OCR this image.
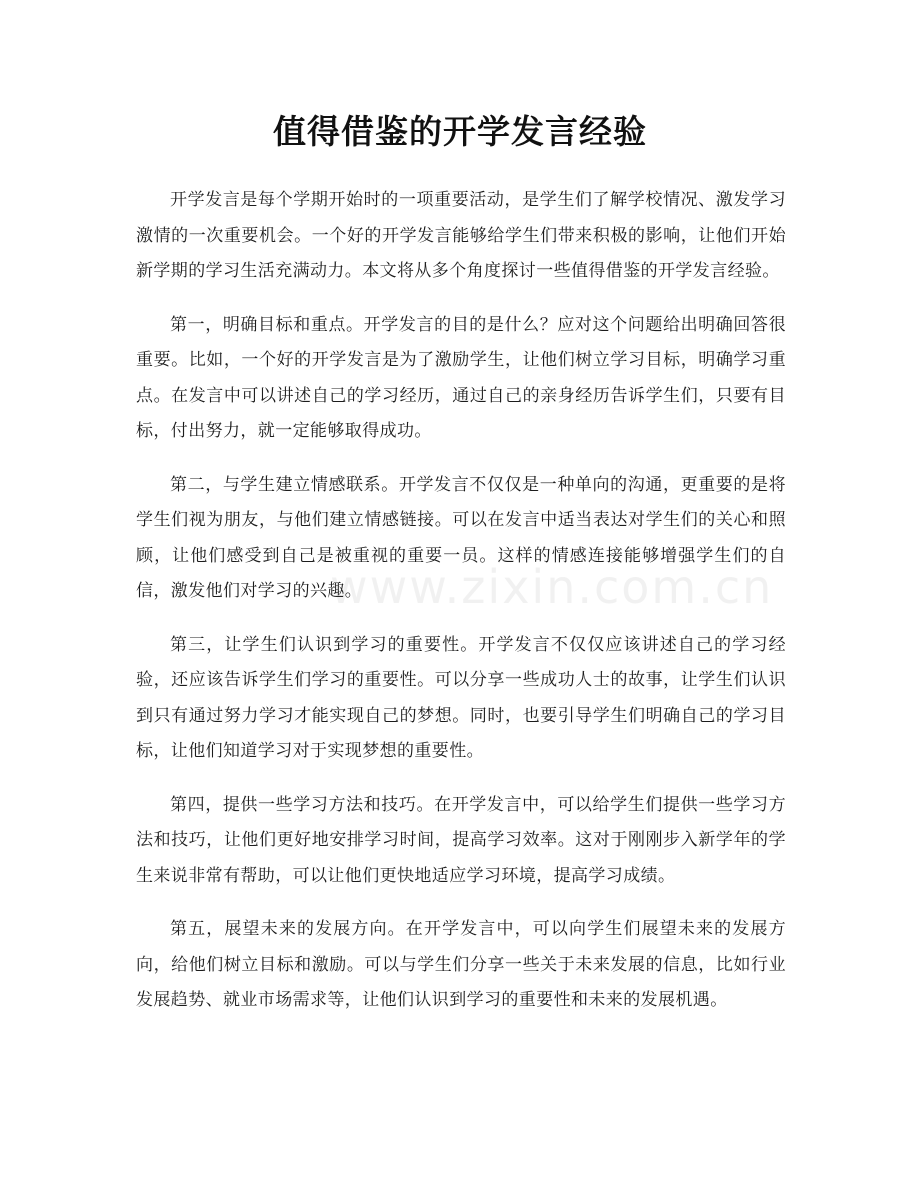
值得借鉴的开学发言经验

开学发言是每个学期开始时的一项重要活动，是学生们了解学校情况、激发学习激情的一次重要机会。一个好的开学发言能够给学生们带来积极的影响，让他们开始新学期的学习生活充满动力。本文将从多个角度探讨一些值得借鉴的开学发言经验。

第一，明确目标和重点。开学发言的目的是什么？应对这个问题给出明确回答很重要。比如，一个好的开学发言是为了激励学生，让他们树立学习目标，明确学习重点。在发言中可以讲述自己的学习经历，通过自己的亲身经历告诉学生们，只要有目标，付出努力，就一定能够取得成功。

第二，与学生建立情感联系。开学发言不仅仅是一种单向的沟通，更重要的是将学生们视为朋友，与他们建立情感链接。可以在发言中适当表达对学生们的关心和照顾，让他们感受到自己是被重视的重要一员。这样的情感连接能够增强学生们的自信，激发他们对学习的兴趣。

第三，让学生们认识到学习的重要性。开学发言不仅仅应该讲述自己的学习经验，还应该告诉学生们学习的重要性。可以分享一些成功人士的故事，让学生们认识到只有通过努力学习才能实现自己的梦想。同时，也要引导学生们明确自己的学习目标，让他们知道学习对于实现梦想的重要性。

第四，提供一些学习方法和技巧。在开学发言中，可以给学生们提供一些学习方法和技巧，让他们更好地安排学习时间，提高学习效率。这对于刚刚步入新学年的学生来说非常有帮助，可以让他们更快地适应学习环境，提高学习成绩。

第五，展望未来的发展方向。在开学发言中，可以向学生们展望未来的发展方向，给他们树立目标和激励。可以与学生们分享一些关于未来发展的信息，比如行业发展趋势、就业市场需求等，让他们认识到学习的重要性和未来的发展机遇。

www.zixin.com.cn
